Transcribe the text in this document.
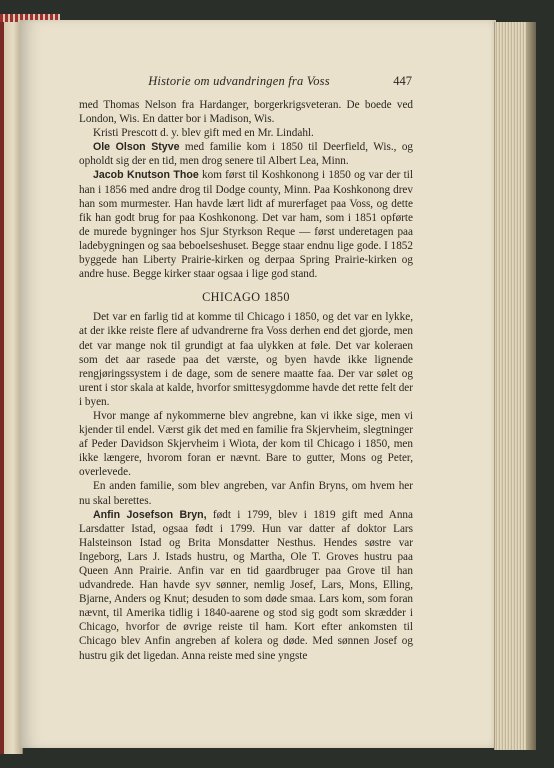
Historie om udvandringen fra Voss	447

med Thomas Nelson fra Hardanger, borgerkrigsveteran. De boede ved London, Wis. En datter bor i Madison, Wis.

Kristi Prescott d. y. blev gift med en Mr. Lindahl.

Ole Olson Styve med familie kom i 1850 til Deerfield, Wis., og opholdt sig der en tid, men drog senere til Albert Lea, Minn.

Jacob Knutson Thoe kom først til Koshkonong i 1850 og var der til han i 1856 med andre drog til Dodge county, Minn. Paa Koshkonong drev han som murmester. Han havde lært lidt af murerfaget paa Voss, og dette fik han godt brug for paa Koshkonong. Det var ham, som i 1851 opførte de murede bygninger hos Sjur Styrkson Reque — først underetagen paa ladebygningen og saa beboelseshuset. Begge staar endnu lige gode. I 1852 byggede han Liberty Prairie-kirken og derpaa Spring Prairie-kirken og andre huse. Begge kirker staar ogsaa i lige god stand.

CHICAGO 1850

Det var en farlig tid at komme til Chicago i 1850, og det var en lykke, at der ikke reiste flere af udvandrerne fra Voss derhen end det gjorde, men det var mange nok til grundigt at faa ulykken at føle. Det var koleraen som det aar rasede paa det værste, og byen havde ikke lignende rengjøringssystem i de dage, som de senere maatte faa. Der var sølet og urent i stor skala at kalde, hvorfor smittesygdomme havde det rette felt der i byen.

Hvor mange af nykommerne blev angrebne, kan vi ikke sige, men vi kjender til endel. Værst gik det med en familie fra Skjervheim, slegtninger af Peder Davidson Skjervheim i Wiota, der kom til Chicago i 1850, men ikke længere, hvorom foran er nævnt. Bare to gutter, Mons og Peter, overlevede.

En anden familie, som blev angreben, var Anfin Bryns, om hvem her nu skal berettes.

Anfin Josefson Bryn, født i 1799, blev i 1819 gift med Anna Larsdatter Istad, ogsaa født i 1799. Hun var datter af doktor Lars Halsteinson Istad og Brita Monsdatter Nesthus. Hendes søstre var Ingeborg, Lars J. Istads hustru, og Martha, Ole T. Groves hustru paa Queen Ann Prairie. Anfin var en tid gaardbruger paa Grove til han udvandrede. Han havde syv sønner, nemlig Josef, Lars, Mons, Elling, Bjarne, Anders og Knut; desuden to som døde smaa. Lars kom, som foran nævnt, til Amerika tidlig i 1840-aarene og stod sig godt som skrædder i Chicago, hvorfor de øvrige reiste til ham. Kort efter ankomsten til Chicago blev Anfin angreben af kolera og døde. Med sønnen Josef og hustru gik det ligedan. Anna reiste med sine yngste
